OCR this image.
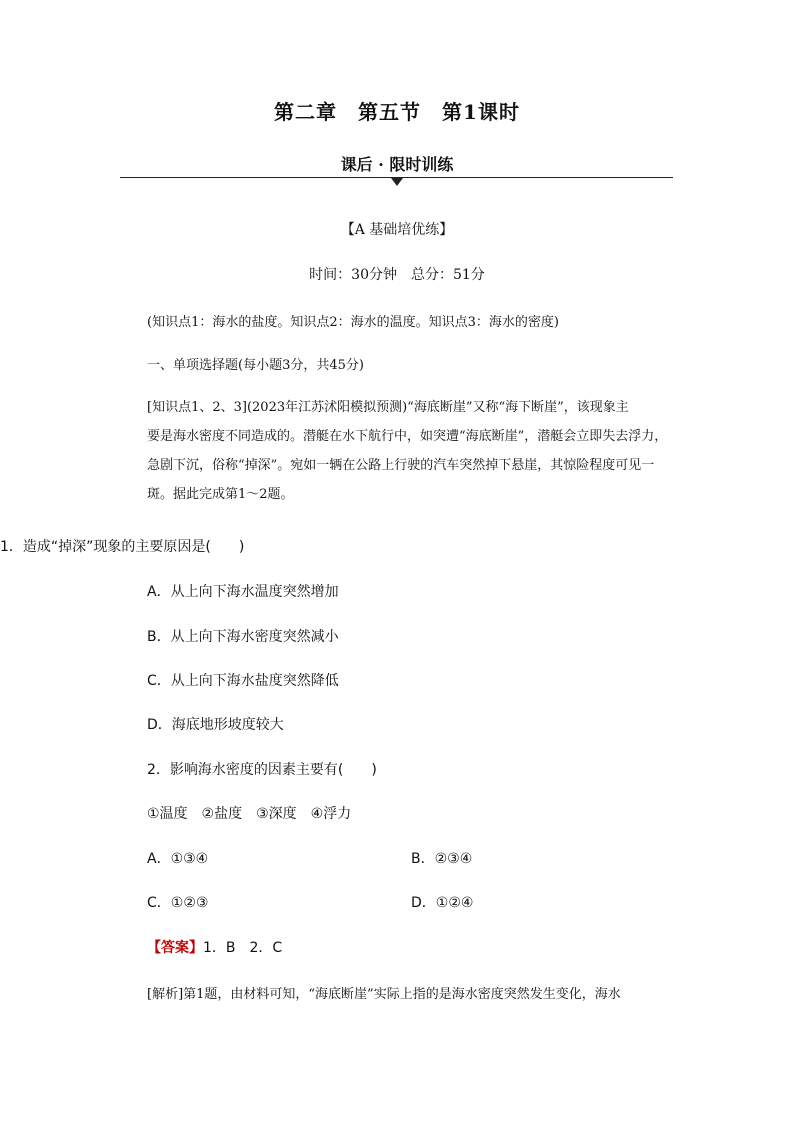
第二章　第五节　第1课时
课后 · 限时训练
【A 基础培优练】
时间：30分钟　总分：51分
(知识点1：海水的盐度。知识点2：海水的温度。知识点3：海水的密度)
一、单项选择题(每小题3分，共45分)
[知识点1、2、3](2023年江苏沭阳模拟预测)“海底断崖”又称“海下断崖”，该现象主
要是海水密度不同造成的。潜艇在水下航行中，如突遭“海底断崖”，潜艇会立即失去浮力，
急剧下沉，俗称“掉深”。宛如一辆在公路上行驶的汽车突然掉下悬崖，其惊险程度可见一
斑。据此完成第1～2题。
1．造成“掉深”现象的主要原因是(　　)
A．从上向下海水温度突然增加
B．从上向下海水密度突然减小
C．从上向下海水盐度突然降低
D．海底地形坡度较大
2．影响海水密度的因素主要有(　　)
①温度　②盐度　③深度　④浮力
A．①③④	B．②③④
C．①②③	D．①②④
【答案】1．B　2．C
[解析]第1题，由材料可知，“海底断崖”实际上指的是海水密度突然发生变化，海水
